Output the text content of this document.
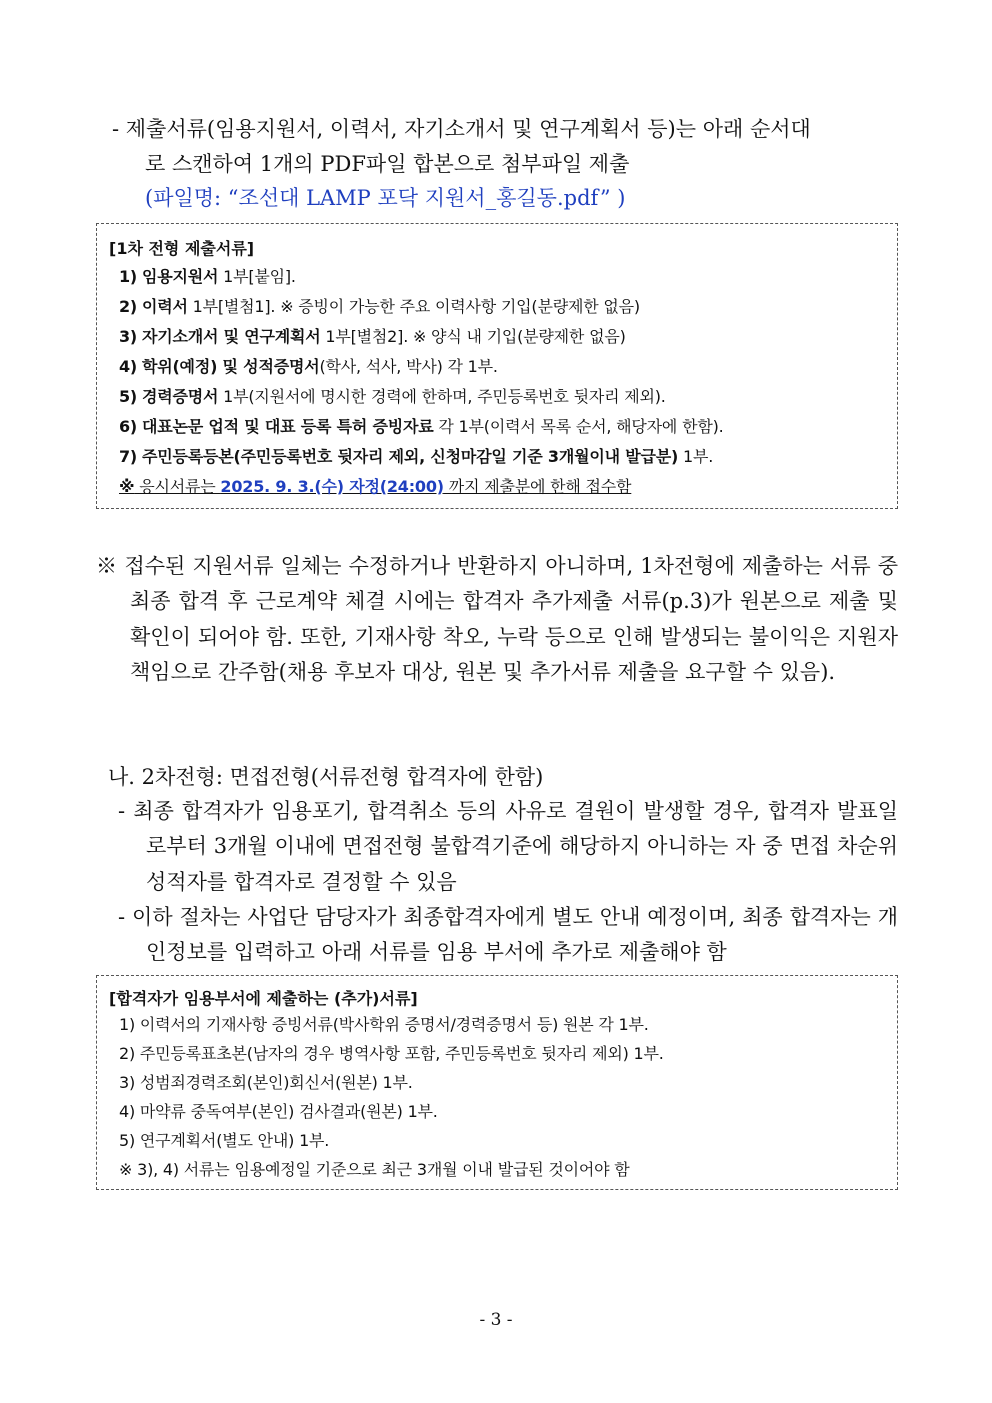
- 제출서류(임용지원서, 이력서, 자기소개서 및 연구계획서 등)는 아래 순서대
로 스캔하여 1개의 PDF파일 합본으로 첨부파일 제출
(파일명: “조선대 LAMP 포닥 지원서_홍길동.pdf” )
[1차 전형 제출서류]
1) 임용지원서 1부[붙임].
2) 이력서 1부[별첨1]. ※ 증빙이 가능한 주요 이력사항 기입(분량제한 없음)
3) 자기소개서 및 연구계획서 1부[별첨2]. ※ 양식 내 기입(분량제한 없음)
4) 학위(예정) 및 성적증명서(학사, 석사, 박사) 각 1부.
5) 경력증명서 1부(지원서에 명시한 경력에 한하며, 주민등록번호 뒷자리 제외).
6) 대표논문 업적 및 대표 등록 특허 증빙자료 각 1부(이력서 목록 순서, 해당자에 한함).
7) 주민등록등본(주민등록번호 뒷자리 제외, 신청마감일 기준 3개월이내 발급분) 1부.
※ 응시서류는 2025. 9. 3.(수) 자정(24:00) 까지 제출분에 한해 접수함
※ 접수된 지원서류 일체는 수정하거나 반환하지 아니하며, 1차전형에 제출하는 서류 중 최종 합격 후 근로계약 체결 시에는 합격자 추가제출 서류(p.3)가 원본으로 제출 및 확인이 되어야 함. 또한, 기재사항 착오, 누락 등으로 인해 발생되는 불이익은 지원자 책임으로 간주함(채용 후보자 대상, 원본 및 추가서류 제출을 요구할 수 있음).
나. 2차전형: 면접전형(서류전형 합격자에 한함)
- 최종 합격자가 임용포기, 합격취소 등의 사유로 결원이 발생할 경우, 합격자 발표일로부터 3개월 이내에 면접전형 불합격기준에 해당하지 아니하는 자 중 면접 차순위 성적자를 합격자로 결정할 수 있음
- 이하 절차는 사업단 담당자가 최종합격자에게 별도 안내 예정이며, 최종 합격자는 개인정보를 입력하고 아래 서류를 임용 부서에 추가로 제출해야 함
[합격자가 임용부서에 제출하는 (추가)서류]
1) 이력서의 기재사항 증빙서류(박사학위 증명서/경력증명서 등) 원본 각 1부.
2) 주민등록표초본(남자의 경우 병역사항 포함, 주민등록번호 뒷자리 제외) 1부.
3) 성범죄경력조회(본인)회신서(원본) 1부.
4) 마약류 중독여부(본인) 검사결과(원본) 1부.
5) 연구계획서(별도 안내) 1부.
※ 3), 4) 서류는 임용예정일 기준으로 최근 3개월 이내 발급된 것이어야 함
- 3 -
